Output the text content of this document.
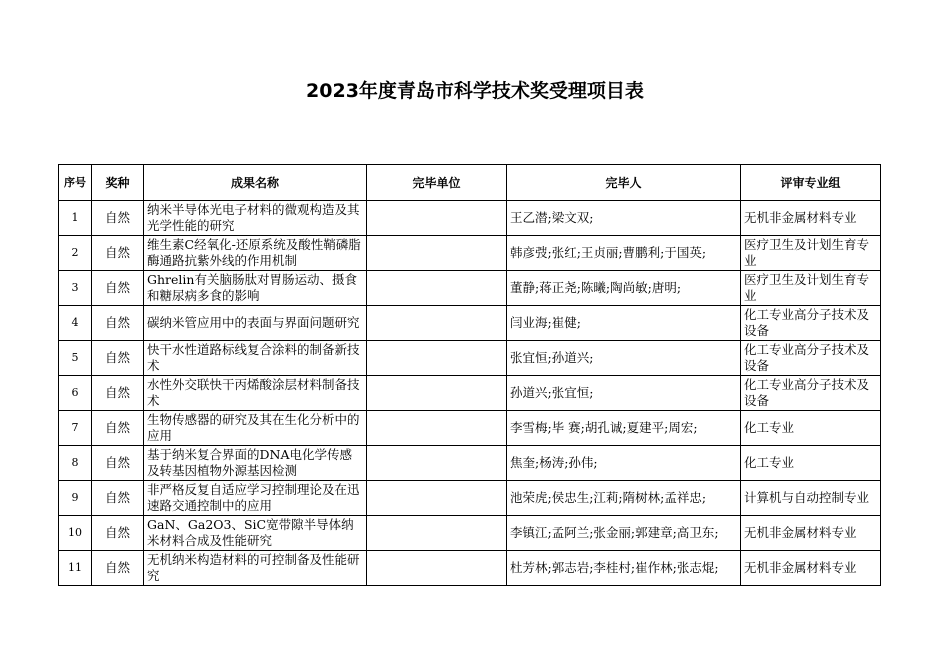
2023年度青岛市科学技术奖受理项目表
序号	奖种	成果名称	完毕单位	完毕人	评审专业组
1	自然	纳米半导体光电子材料的微观构造及其光学性能的研究		王乙潜;梁文双;	无机非金属材料专业
2	自然	维生素C经氧化-还原系统及酸性鞘磷脂酶通路抗紫外线的作用机制		韩彦弢;张红;王贞丽;曹鹏利;于国英;	医疗卫生及计划生育专业
3	自然	Ghrelin有关脑肠肽对胃肠运动、摄食和糖尿病多食的影响		董静;蒋正尧;陈曦;陶尚敏;唐明;	医疗卫生及计划生育专业
4	自然	碳纳米管应用中的表面与界面问题研究		闫业海;崔健;	化工专业高分子技术及设备
5	自然	快干水性道路标线复合涂料的制备新技术		张宜恒;孙道兴;	化工专业高分子技术及设备
6	自然	水性外交联快干丙烯酸涂层材料制备技术		孙道兴;张宜恒;	化工专业高分子技术及设备
7	自然	生物传感器的研究及其在生化分析中的应用		李雪梅;毕 赛;胡孔诚;夏建平;周宏;	化工专业
8	自然	基于纳米复合界面的DNA电化学传感及转基因植物外源基因检测		焦奎;杨涛;孙伟;	化工专业
9	自然	非严格反复自适应学习控制理论及在迅速路交通控制中的应用		池荣虎;侯忠生;江莉;隋树林;孟祥忠;	计算机与自动控制专业
10	自然	GaN、Ga2O3、SiC宽带隙半导体纳米材料合成及性能研究		李镇江;孟阿兰;张金丽;郭建章;高卫东;	无机非金属材料专业
11	自然	无机纳米构造材料的可控制备及性能研究		杜芳林;郭志岩;李桂村;崔作林;张志焜;	无机非金属材料专业
